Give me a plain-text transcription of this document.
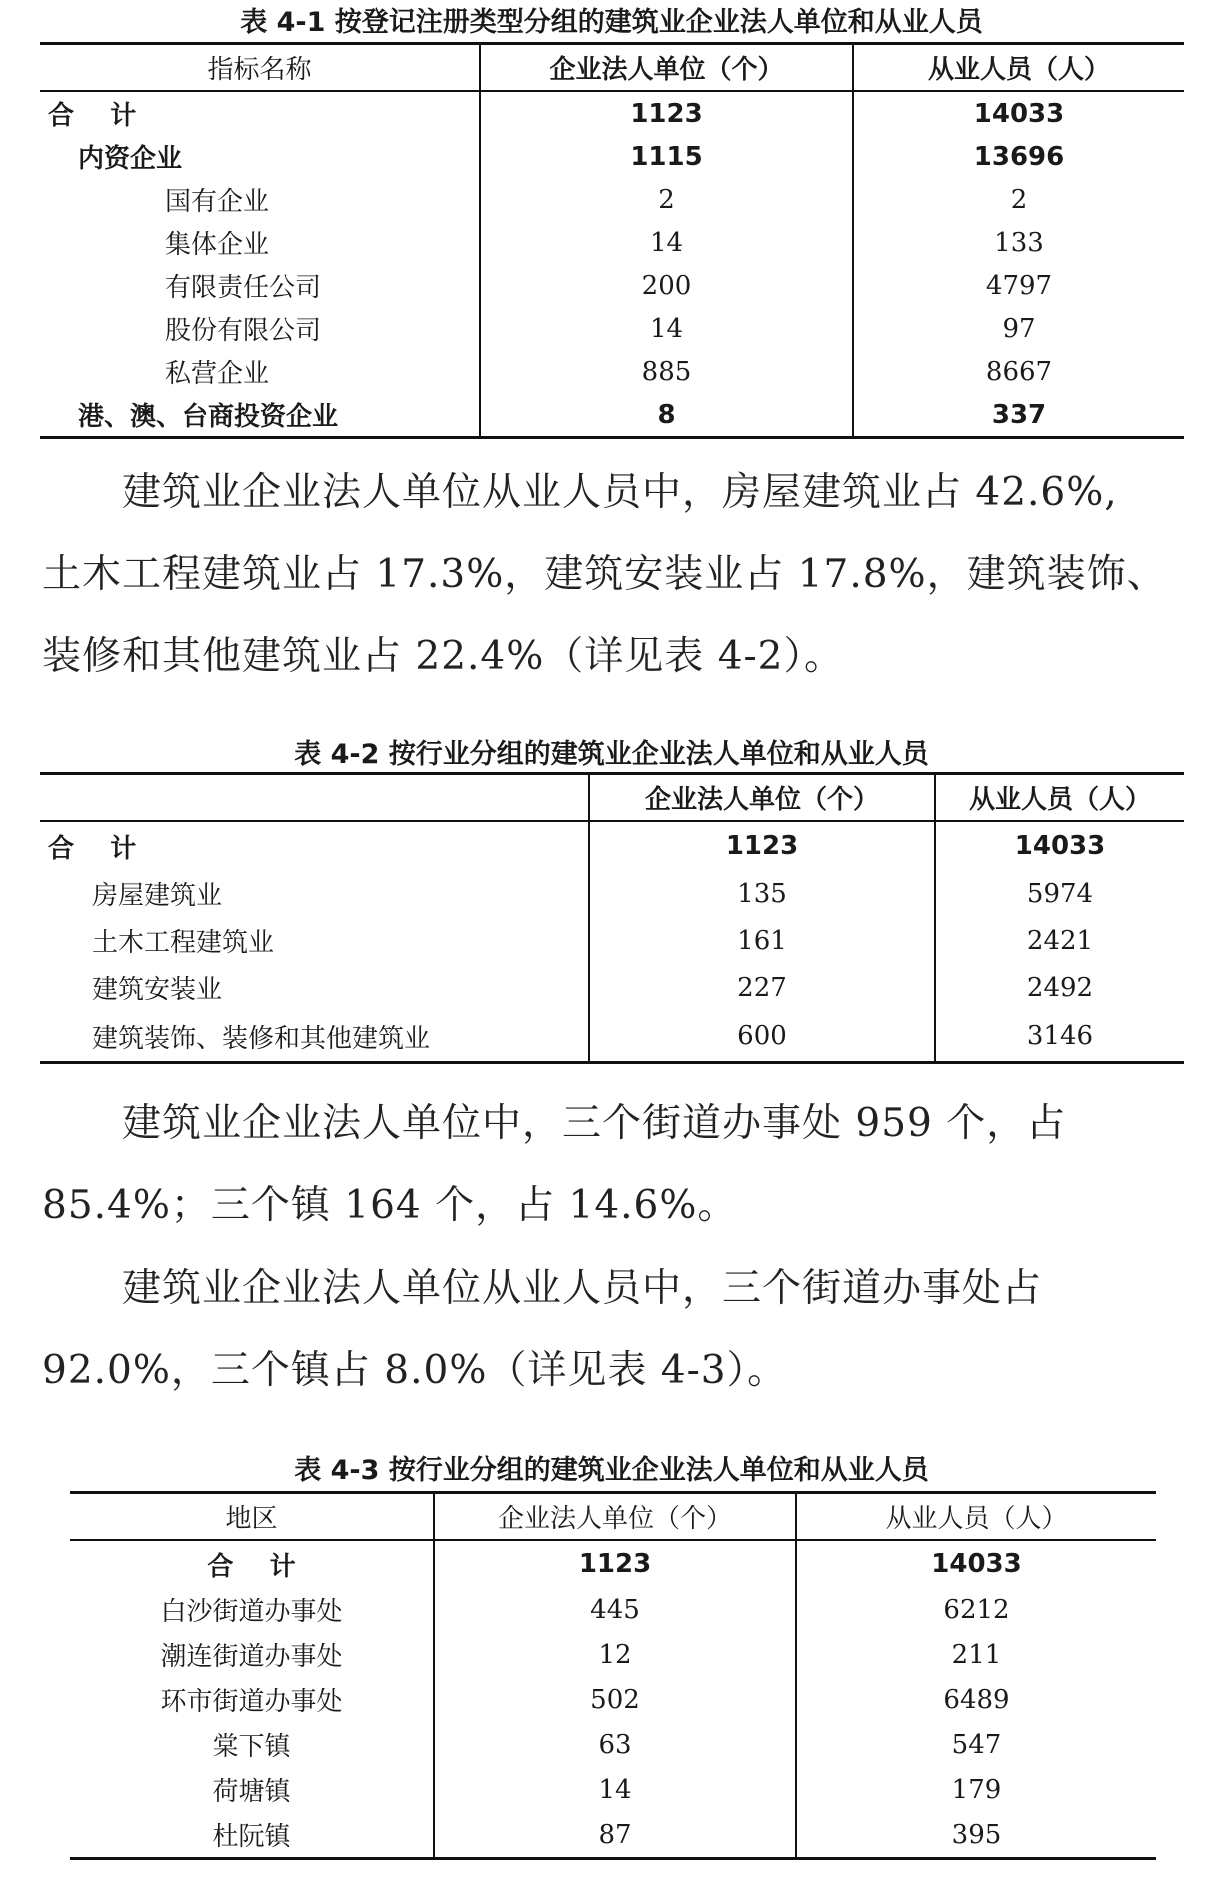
表 4-1 按登记注册类型分组的建筑业企业法人单位和从业人员
指标名称	企业法人单位（个）	从业人员（人）
合    计	1123	14033
内资企业	1115	13696
国有企业	2	2
集体企业	14	133
有限责任公司	200	4797
股份有限公司	14	97
私营企业	885	8667
港、澳、台商投资企业	8	337

　　建筑业企业法人单位从业人员中，房屋建筑业占 42.6%,

土木工程建筑业占 17.3%，建筑安装业占 17.8%，建筑装饰、

装修和其他建筑业占 22.4%（详见表 4-2）。

表 4-2 按行业分组的建筑业企业法人单位和从业人员
	企业法人单位（个）	从业人员（人）
合    计	1123	14033
房屋建筑业	135	5974
土木工程建筑业	161	2421
建筑安装业	227	2492
建筑装饰、装修和其他建筑业	600	3146

　　建筑业企业法人单位中，三个街道办事处 959 个，占

85.4%；三个镇 164 个，占 14.6%。

　　建筑业企业法人单位从业人员中，三个街道办事处占

92.0%，三个镇占 8.0%（详见表 4-3）。

表 4-3 按行业分组的建筑业企业法人单位和从业人员
地区	企业法人单位（个）	从业人员（人）
合    计	1123	14033
白沙街道办事处	445	6212
潮连街道办事处	12	211
环市街道办事处	502	6489
棠下镇	63	547
荷塘镇	14	179
杜阮镇	87	395
